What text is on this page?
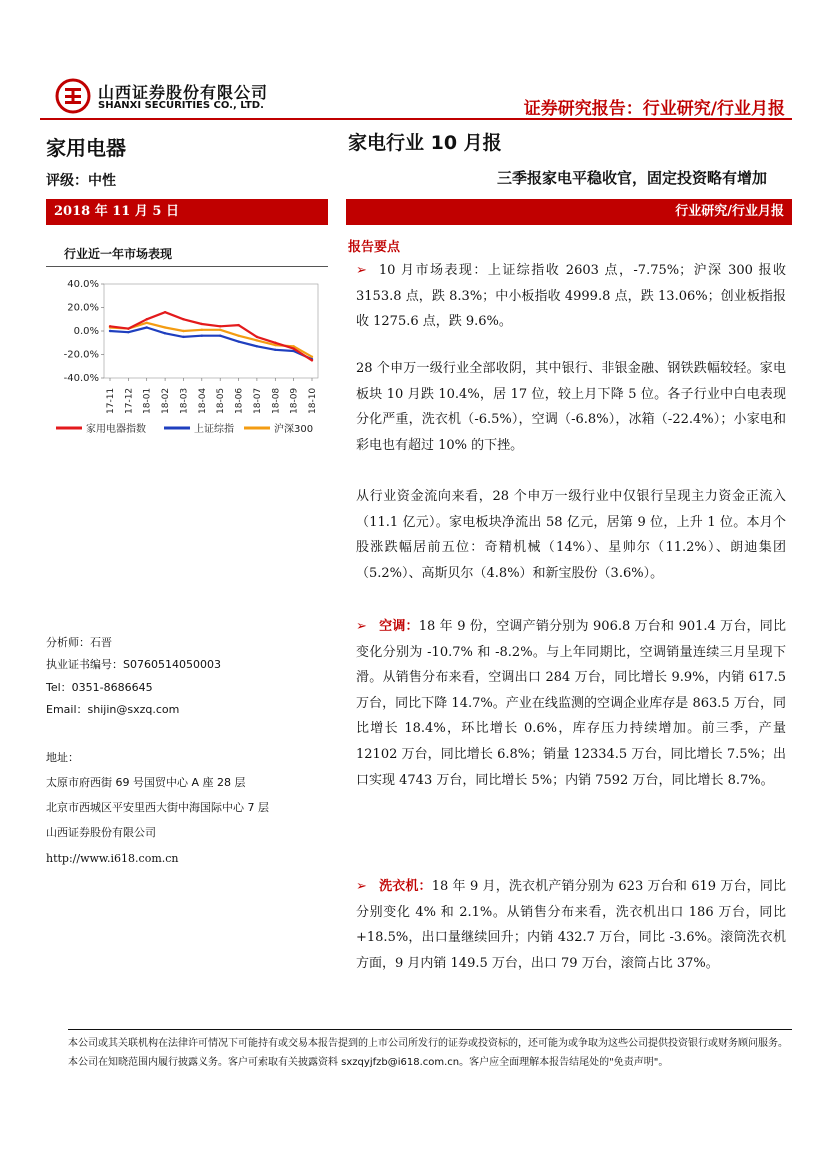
山西证券股份有限公司
SHANXI SECURITIES CO., LTD.	证券研究报告：行业研究/行业月报
家用电器	家电行业 10 月报
评级：中性	三季报家电平稳收官，固定投资略有增加
2018 年 11 月 5 日	行业研究/行业月报
行业近一年市场表现
40.0%
20.0%
0.0%
-20.0%
-40.0%
17-11 17-12 18-01 18-02 18-03 18-04 18-05 18-06 18-07 18-08 18-09 18-10
家用电器指数	上证综指	沪深300
分析师：石晋
执业证书编号：S0760514050003
Tel：0351-8686645
Email：shijin@sxzq.com
地址：
太原市府西街 69 号国贸中心 A 座 28 层
北京市西城区平安里西大街中海国际中心 7 层
山西证券股份有限公司
http://www.i618.com.cn
报告要点
➢ 10 月市场表现：上证综指收 2603 点，-7.75%；沪深 300 报收 3153.8 点，跌 8.3%；中小板指收 4999.8 点，跌 13.06%；创业板指报收 1275.6 点，跌 9.6%。
28 个申万一级行业全部收阴，其中银行、非银金融、钢铁跌幅较轻。家电板块 10 月跌 10.4%，居 17 位，较上月下降 5 位。各子行业中白电表现分化严重，洗衣机（-6.5%），空调（-6.8%），冰箱（-22.4%）；小家电和彩电也有超过 10% 的下挫。
从行业资金流向来看，28 个申万一级行业中仅银行呈现主力资金正流入（11.1 亿元）。家电板块净流出 58 亿元，居第 9 位，上升 1 位。本月个股涨跌幅居前五位：奇精机械（14%）、星帅尔（11.2%）、朗迪集团（5.2%）、高斯贝尔（4.8%）和新宝股份（3.6%）。
➢ 空调：18 年 9 份，空调产销分别为 906.8 万台和 901.4 万台，同比变化分别为 -10.7% 和 -8.2%。与上年同期比，空调销量连续三月呈现下滑。从销售分布来看，空调出口 284 万台，同比增长 9.9%，内销 617.5 万台，同比下降 14.7%。产业在线监测的空调企业库存是 863.5 万台，同比增长 18.4%，环比增长 0.6%，库存压力持续增加。前三季，产量 12102 万台，同比增长 6.8%；销量 12334.5 万台，同比增长 7.5%；出口实现 4743 万台，同比增长 5%；内销 7592 万台，同比增长 8.7%。
➢ 洗衣机：18 年 9 月，洗衣机产销分别为 623 万台和 619 万台，同比分别变化 4% 和 2.1%。从销售分布来看，洗衣机出口 186 万台，同比 +18.5%，出口量继续回升；内销 432.7 万台，同比 -3.6%。滚筒洗衣机方面，9 月内销 149.5 万台，出口 79 万台，滚筒占比 37%。
本公司或其关联机构在法律许可情况下可能持有或交易本报告提到的上市公司所发行的证券或投资标的，还可能为或争取为这些公司提供投资银行或财务顾问服务。本公司在知晓范围内履行披露义务。客户可索取有关披露资料 sxzqyjfzb@i618.com.cn。客户应全面理解本报告结尾处的"免责声明"。
